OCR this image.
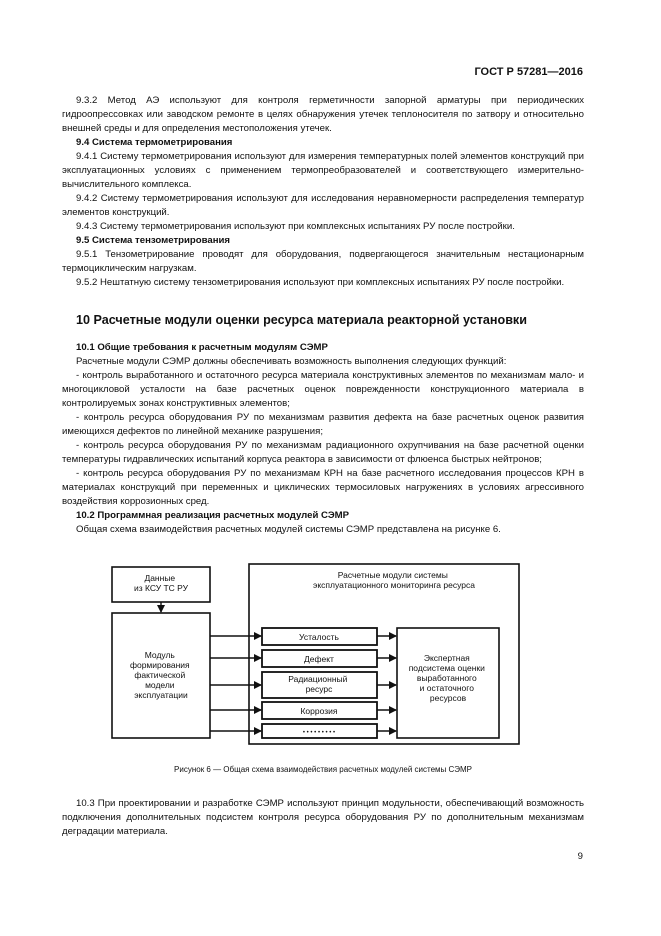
ГОСТ Р 57281—2016

9.3.2 Метод АЭ используют для контроля герметичности запорной арматуры при периодических гидроопрессовках или заводском ремонте в целях обнаружения утечек теплоносителя по затвору и относительно внешней среды и для определения местоположения утечек.

9.4 Система термометрирования

9.4.1 Систему термометрирования используют для измерения температурных полей элементов конструкций при эксплуатационных условиях с применением термопреобразователей и соответствующего измерительно-вычислительного комплекса.

9.4.2 Систему термометрирования используют для исследования неравномерности распределения температур элементов конструкций.

9.4.3 Систему термометрирования используют при комплексных испытаниях РУ после постройки.

9.5 Система тензометрирования

9.5.1 Тензометрирование проводят для оборудования, подвергающегося значительным нестационарным термоциклическим нагрузкам.

9.5.2 Нештатную систему тензометрирования используют при комплексных испытаниях РУ после постройки.

10 Расчетные модули оценки ресурса материала реакторной установки

10.1 Общие требования к расчетным модулям СЭМР

Расчетные модули СЭМР должны обеспечивать возможность выполнения следующих функций:

- контроль выработанного и остаточного ресурса материала конструктивных элементов по механизмам мало- и многоцикловой усталости на базе расчетных оценок поврежденности конструкционного материала в контролируемых зонах конструктивных элементов;

- контроль ресурса оборудования РУ по механизмам развития дефекта на базе расчетных оценок развития имеющихся дефектов по линейной механике разрушения;

- контроль ресурса оборудования РУ по механизмам радиационного охрупчивания на базе расчетной оценки температуры гидравлических испытаний корпуса реактора в зависимости от флюенса быстрых нейтронов;

- контроль ресурса оборудования РУ по механизмам КРН на базе расчетного исследования процессов КРН в материалах конструкций при переменных и циклических термосиловых нагружениях в условиях агрессивного воздействия коррозионных сред.

10.2 Программная реализация расчетных модулей СЭМР

Общая схема взаимодействия расчетных модулей системы СЭМР представлена на рисунке 6.

Данные из КСУ ТС РУ
Модуль формирования фактической модели эксплуатации
Расчетные модули системы эксплуатационного мониторинга ресурса
Усталость
Дефект
Радиационный ресурс
Коррозия
• • • • • • • • •
Экспертная подсистема оценки выработанного и остаточного ресурсов
Рисунок 6 — Общая схема взаимодействия расчетных модулей системы СЭМР

10.3 При проектировании и разработке СЭМР используют принцип модульности, обеспечивающий возможность подключения дополнительных подсистем контроля ресурса оборудования РУ по дополнительным механизмам деградации материала.

9
